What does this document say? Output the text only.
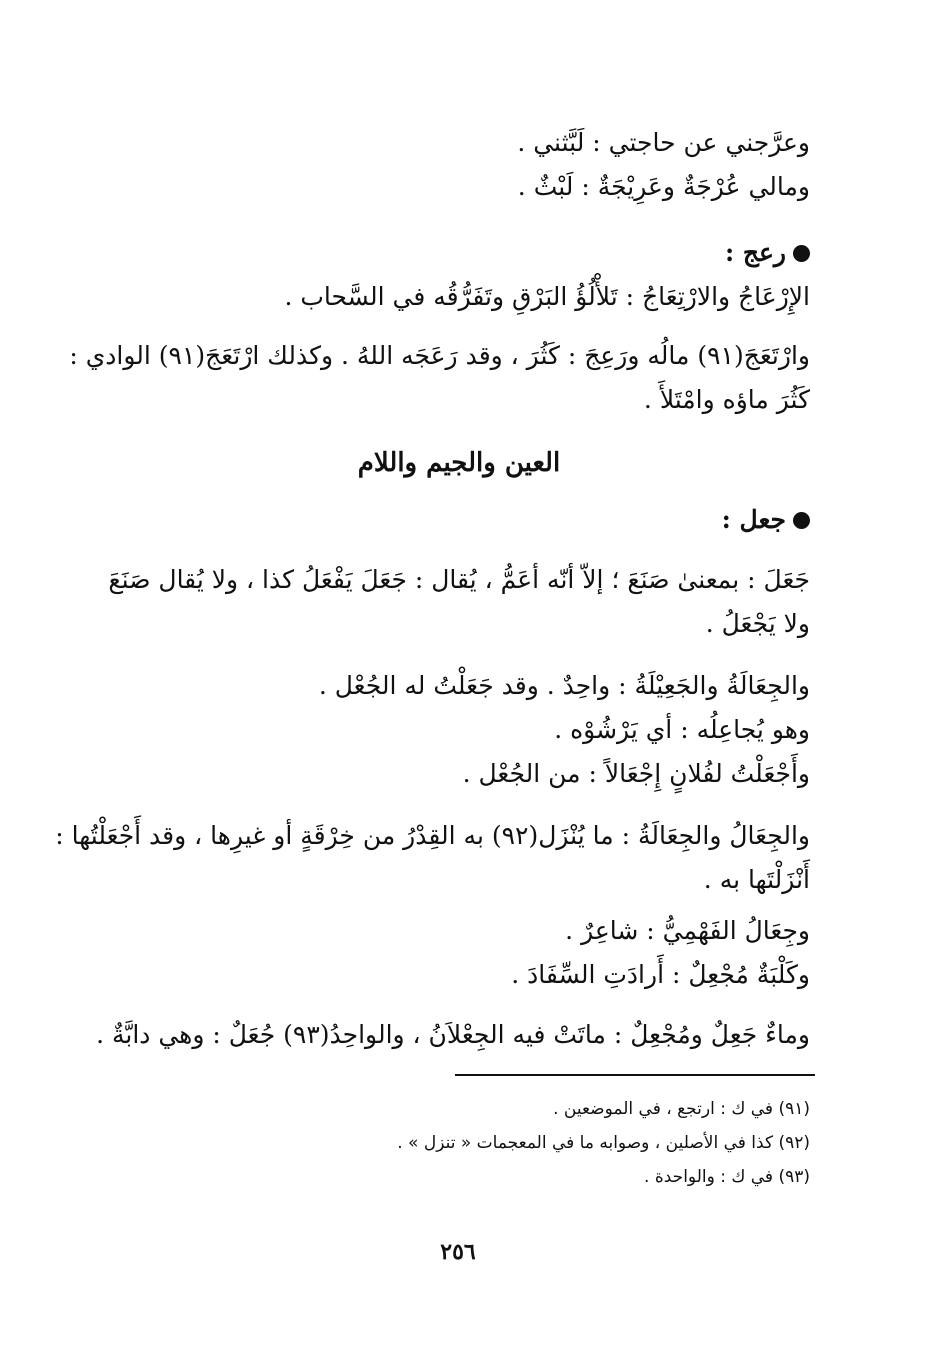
وعرَّجني عن حاجتي : لَبَّثني .
ومالي عُرْجَةٌ وعَرِيْجَةٌ : لَبْثٌ .
رعج :
الإِرْعَاجُ والارْتِعَاجُ : تَلأْلُؤُ البَرْقِ وتَفَرُّقُه في السَّحاب .
وارْتَعَجَ(٩١) مالُه ورَعِجَ : كَثُرَ ، وقد رَعَجَه اللهُ . وكذلك ارْتَعَجَ(٩١) الوادي :
كَثُرَ ماؤه وامْتَلأَ .
العين والجيم واللام
جعل :
جَعَلَ : بمعنىٰ صَنَعَ ؛ إلاّ أنّه أعَمُّ ، يُقال : جَعَلَ يَفْعَلُ كذا ، ولا يُقال صَنَعَ
ولا يَجْعَلُ .
والجِعَالَةُ والجَعِيْلَةُ : واحِدٌ . وقد جَعَلْتُ له الجُعْل .
وهو يُجاعِلُه : أي يَرْشُوْه .
وأَجْعَلْتُ لفُلانٍ إِجْعَالاً : من الجُعْل .
والجِعَالُ والجِعَالَةُ : ما يُنْزَل(٩٢) به القِدْرُ من خِرْقَةٍ أو غيرِها ، وقد أَجْعَلْتُها :
أَنْزَلْتَها به .
وجِعَالُ الفَهْمِيُّ : شاعِرٌ .
وكَلْبَةٌ مُجْعِلٌ : أَرادَتِ السِّفَادَ .
وماءٌ جَعِلٌ ومُجْعِلٌ : ماتَتْ فيه الجِعْلاَنُ ، والواحِدُ(٩٣) جُعَلٌ : وهي دابَّةٌ .
(٩١) في ك : ارتجع ، في الموضعين .
(٩٢) كذا في الأصلين ، وصوابه ما في المعجمات « تنزل » .
(٩٣) في ك : والواحدة .
٢٥٦
